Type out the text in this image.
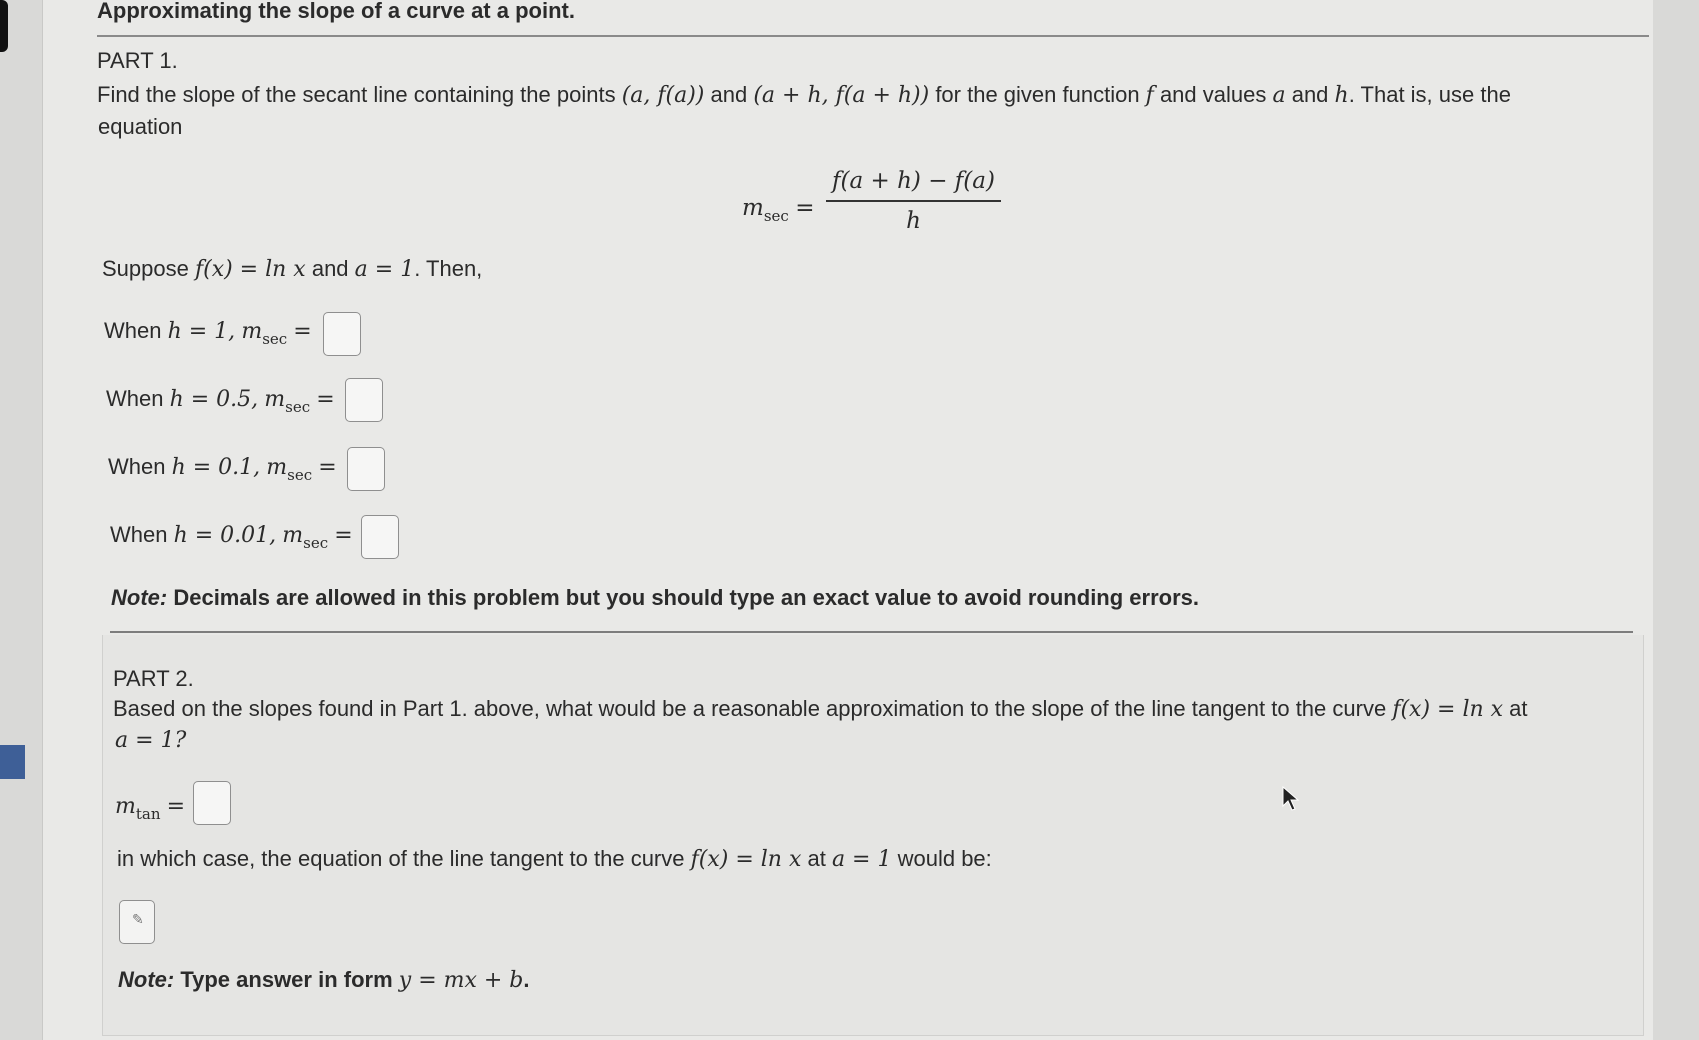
Approximating the slope of a curve at a point.
PART 1.
Find the slope of the secant line containing the points (a, f(a)) and (a + h, f(a + h)) for the given function f and values a and h. That is, use the
equation
$m_{sec}$ =
f(a + h) − f(a)
h
Suppose f(x) = ln x and a = 1. Then,
When h = 1, $m_{sec}$ =
When h = 0.5, $m_{sec}$ =
When h = 0.1, $m_{sec}$ =
When h = 0.01, $m_{sec}$ =
Note: Decimals are allowed in this problem but you should type an exact value to avoid rounding errors.
PART 2.
Based on the slopes found in Part 1. above, what would be a reasonable approximation to the slope of the line tangent to the curve f(x) = ln x at
a = 1?
$m_{tan}$ =
in which case, the equation of the line tangent to the curve f(x) = ln x at a = 1 would be:
✎
Note: Type answer in form y = mx + b.
